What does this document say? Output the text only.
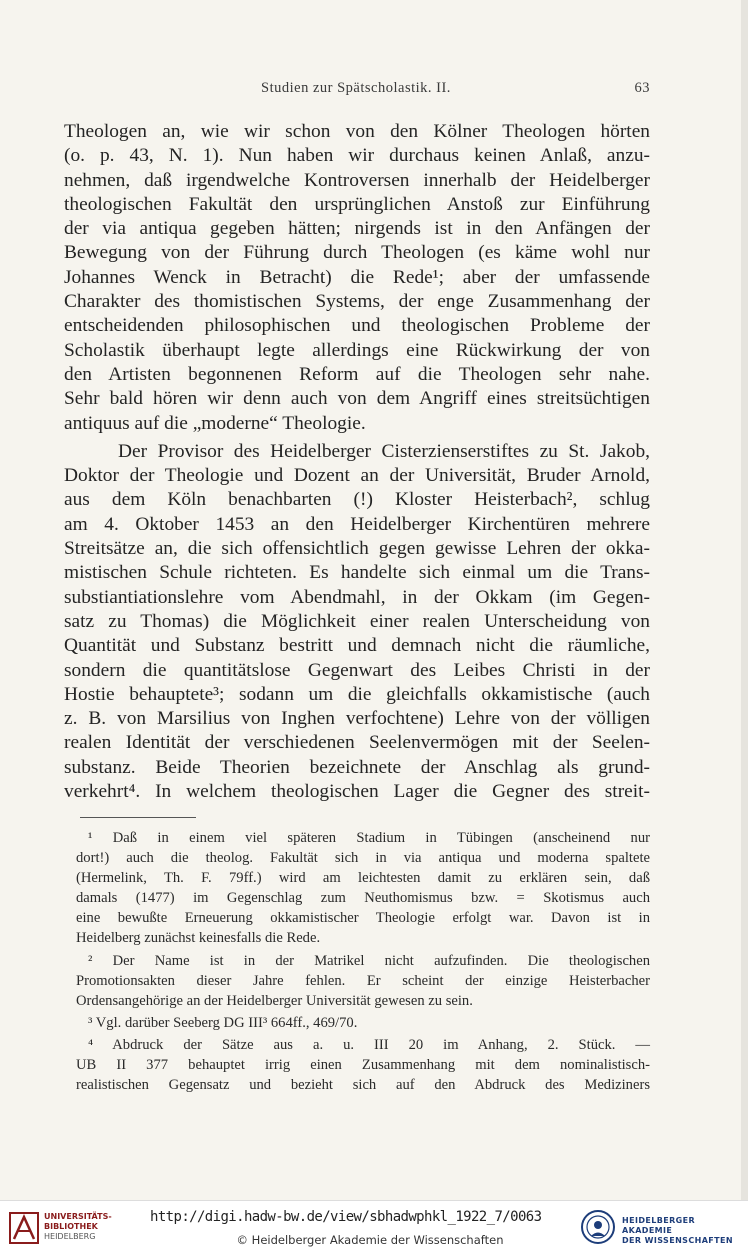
Studien zur Spätscholastik. II.	63
Theologen an, wie wir schon von den Kölner Theologen hörten
(o. p. 43, N. 1). Nun haben wir durchaus keinen Anlaß, anzu-
nehmen, daß irgendwelche Kontroversen innerhalb der Heidelberger
theologischen Fakultät den ursprünglichen Anstoß zur Einführung
der via antiqua gegeben hätten; nirgends ist in den Anfängen der
Bewegung von der Führung durch Theologen (es käme wohl nur
Johannes Wenck in Betracht) die Rede¹; aber der umfassende
Charakter des thomistischen Systems, der enge Zusammenhang der
entscheidenden philosophischen und theologischen Probleme der
Scholastik überhaupt legte allerdings eine Rückwirkung der von
den Artisten begonnenen Reform auf die Theologen sehr nahe.
Sehr bald hören wir denn auch von dem Angriff eines streitsüchtigen
antiquus auf die „moderne“ Theologie.
Der Provisor des Heidelberger Cisterzienserstiftes zu St. Jakob,
Doktor der Theologie und Dozent an der Universität, Bruder Arnold,
aus dem Köln benachbarten (!) Kloster Heisterbach², schlug
am 4. Oktober 1453 an den Heidelberger Kirchentüren mehrere
Streitsätze an, die sich offensichtlich gegen gewisse Lehren der okka-
mistischen Schule richteten. Es handelte sich einmal um die Trans-
substiantiationslehre vom Abendmahl, in der Okkam (im Gegen-
satz zu Thomas) die Möglichkeit einer realen Unterscheidung von
Quantität und Substanz bestritt und demnach nicht die räumliche,
sondern die quantitätslose Gegenwart des Leibes Christi in der
Hostie behauptete³; sodann um die gleichfalls okkamistische (auch
z. B. von Marsilius von Inghen verfochtene) Lehre von der völligen
realen Identität der verschiedenen Seelenvermögen mit der Seelen-
substanz. Beide Theorien bezeichnete der Anschlag als grund-
verkehrt⁴. In welchem theologischen Lager die Gegner des streit-
¹ Daß in einem viel späteren Stadium in Tübingen (anscheinend nur
dort!) auch die theolog. Fakultät sich in via antiqua und moderna spaltete
(Hermelink, Th. F. 79ff.) wird am leichtesten damit zu erklären sein, daß
damals (1477) im Gegenschlag zum Neuthomismus bzw. = Skotismus auch
eine bewußte Erneuerung okkamistischer Theologie erfolgt war. Davon ist in
Heidelberg zunächst keinesfalls die Rede.
² Der Name ist in der Matrikel nicht aufzufinden. Die theologischen
Promotionsakten dieser Jahre fehlen. Er scheint der einzige Heisterbacher
Ordensangehörige an der Heidelberger Universität gewesen zu sein.
³ Vgl. darüber Seeberg DG III³ 664ff., 469/70.
⁴ Abdruck der Sätze aus a. u. III 20 im Anhang, 2. Stück. —
UB II 377 behauptet irrig einen Zusammenhang mit dem nominalistisch-
realistischen Gegensatz und bezieht sich auf den Abdruck des Mediziners
UNIVERSITÄTS-
BIBLIOTHEK
HEIDELBERG
http://digi.hadw-bw.de/view/sbhadwphkl_1922_7/0063
© Heidelberger Akademie der Wissenschaften
HEIDELBERGER AKADEMIE
DER WISSENSCHAFTEN
